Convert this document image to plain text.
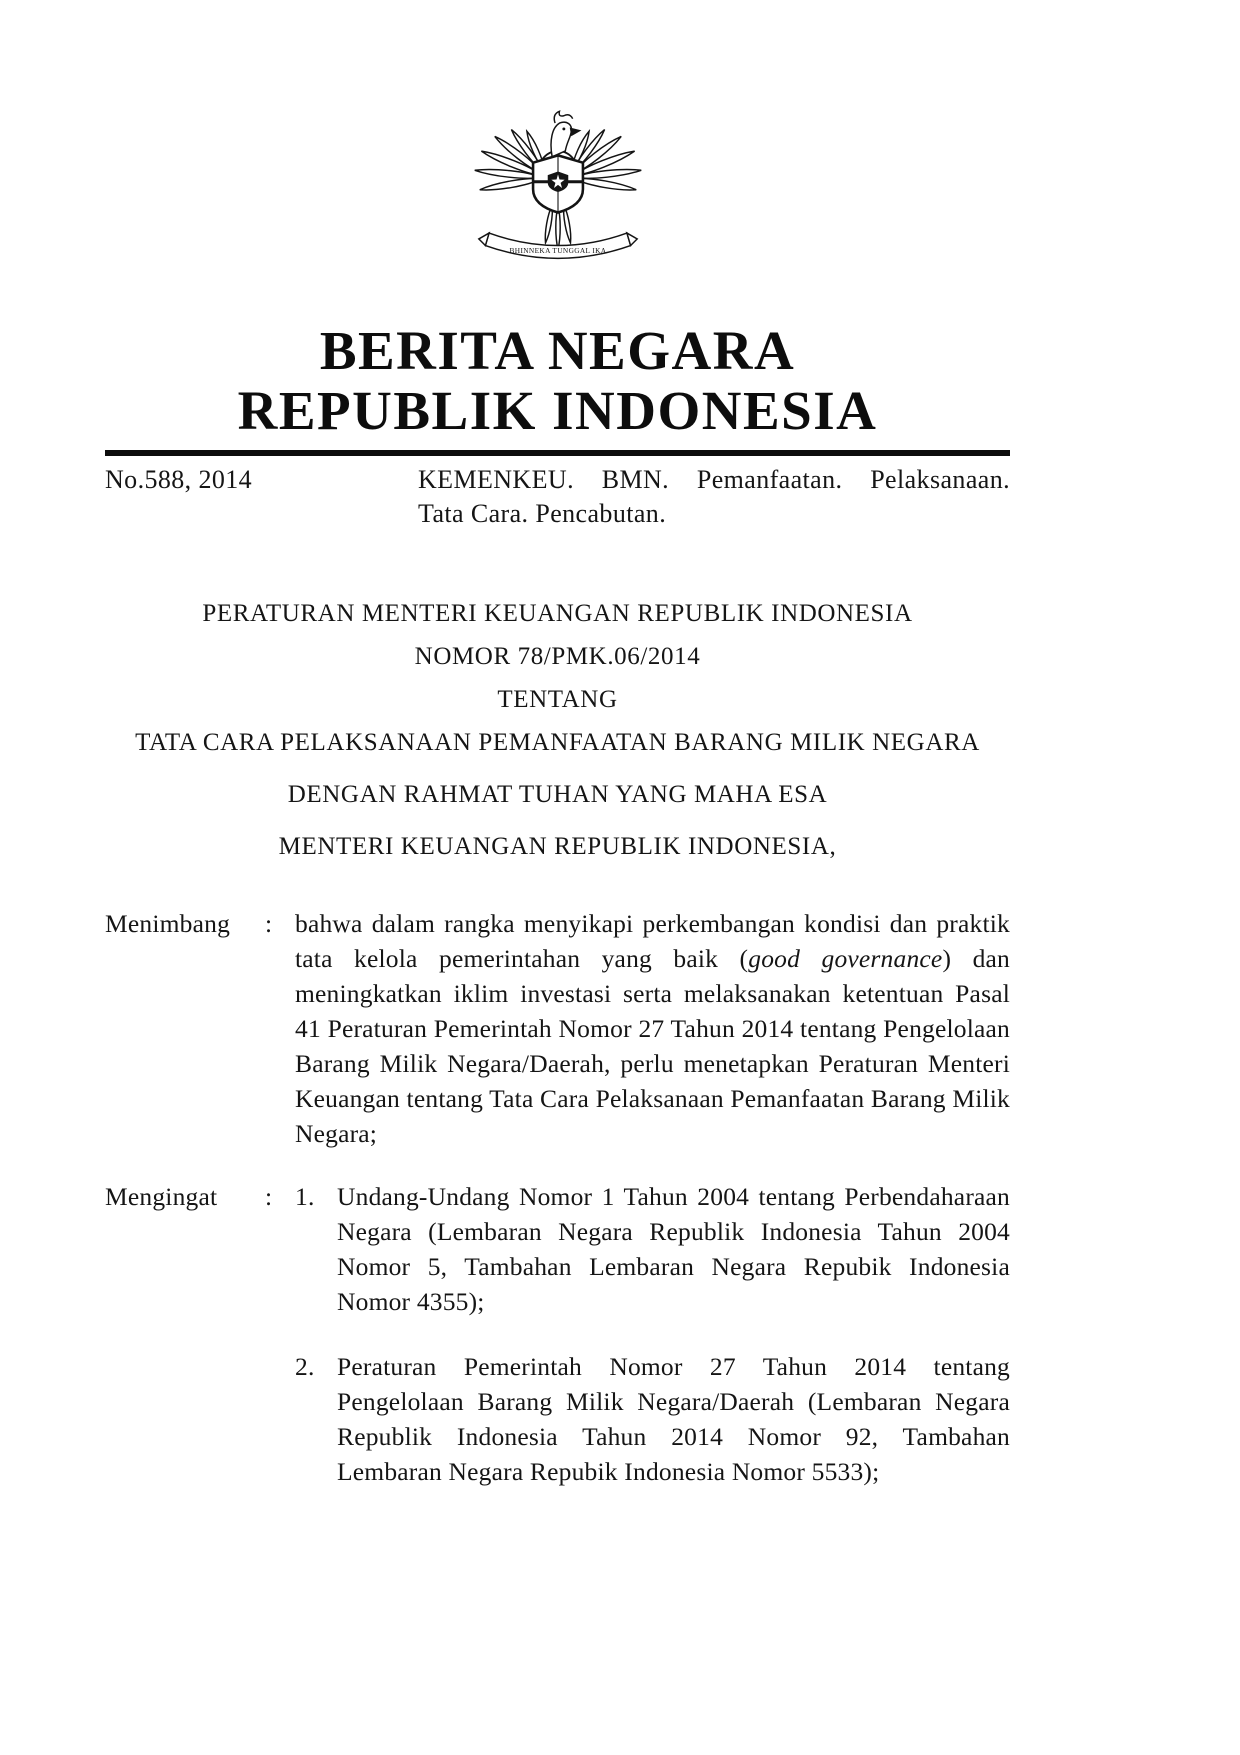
BHINNEKA TUNGGAL IKA
BERITA NEGARA
REPUBLIK INDONESIA
No.588, 2014	KEMENKEU. BMN. Pemanfaatan. Pelaksanaan.
Tata Cara. Pencabutan.
PERATURAN MENTERI KEUANGAN REPUBLIK INDONESIA
NOMOR 78/PMK.06/2014
TENTANG
TATA CARA PELAKSANAAN PEMANFAATAN BARANG MILIK NEGARA
DENGAN RAHMAT TUHAN YANG MAHA ESA
MENTERI KEUANGAN REPUBLIK INDONESIA,
Menimbang	: bahwa dalam rangka menyikapi perkembangan kondisi dan praktik tata kelola pemerintahan yang baik (good governance) dan meningkatkan iklim investasi serta melaksanakan ketentuan Pasal 41 Peraturan Pemerintah Nomor 27 Tahun 2014 tentang Pengelolaan Barang Milik Negara/Daerah, perlu menetapkan Peraturan Menteri Keuangan tentang Tata Cara Pelaksanaan Pemanfaatan Barang Milik Negara;

Mengingat	: 1. Undang-Undang Nomor 1 Tahun 2004 tentang Perbendaharaan Negara (Lembaran Negara Republik Indonesia Tahun 2004 Nomor 5, Tambahan Lembaran Negara Repubik Indonesia Nomor 4355);

2. Peraturan Pemerintah Nomor 27 Tahun 2014 tentang Pengelolaan Barang Milik Negara/Daerah (Lembaran Negara Republik Indonesia Tahun 2014 Nomor 92, Tambahan Lembaran Negara Repubik Indonesia Nomor 5533);
